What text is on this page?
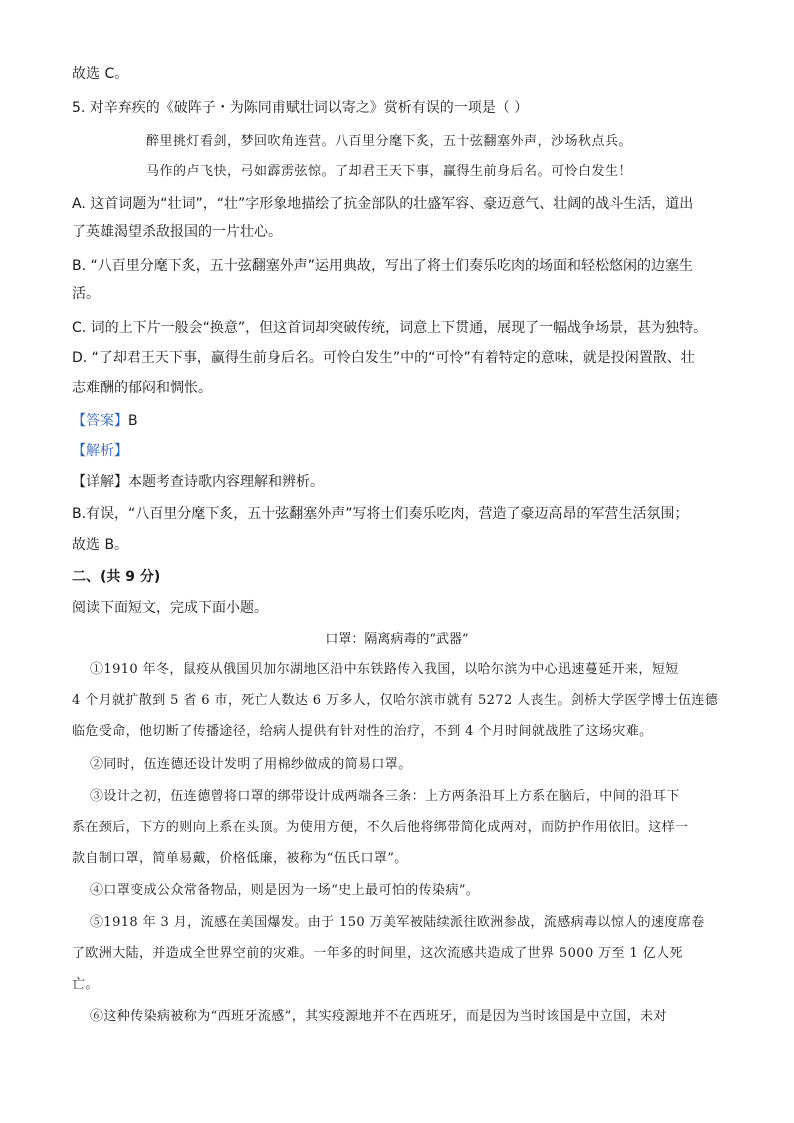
故选 C。
5. 对辛弃疾的《破阵子・为陈同甫赋壮词以寄之》赏析有误的一项是（ ）
醉里挑灯看剑，梦回吹角连营。八百里分麾下炙，五十弦翻塞外声，沙场秋点兵。
马作的卢飞快，弓如霹雳弦惊。了却君王天下事，赢得生前身后名。可怜白发生！
A. 这首词题为“壮词”，“壮”字形象地描绘了抗金部队的壮盛军容、豪迈意气、壮阔的战斗生活，道出
了英雄渴望杀敌报国的一片壮心。
B. “八百里分麾下炙，五十弦翻塞外声”运用典故，写出了将士们奏乐吃肉的场面和轻松悠闲的边塞生
活。
C. 词的上下片一般会“换意”，但这首词却突破传统，词意上下贯通，展现了一幅战争场景，甚为独特。
D. “了却君王天下事，赢得生前身后名。可怜白发生”中的“可怜”有着特定的意味，就是投闲置散、壮
志难酬的郁闷和惆怅。
【答案】B
【解析】
【详解】本题考查诗歌内容理解和辨析。
B.有误，“八百里分麾下炙，五十弦翻塞外声”写将士们奏乐吃肉，营造了豪迈高昂的军营生活氛围；
故选 B。
二、(共 9 分)
阅读下面短文，完成下面小题。
口罩：隔离病毒的“武器”
①1910 年冬，鼠疫从俄国贝加尔湖地区沿中东铁路传入我国，以哈尔滨为中心迅速蔓延开来，短短
4 个月就扩散到 5 省 6 市，死亡人数达 6 万多人，仅哈尔滨市就有 5272 人丧生。剑桥大学医学博士伍连德
临危受命，他切断了传播途径，给病人提供有针对性的治疗，不到 4 个月时间就战胜了这场灾难。
②同时，伍连德还设计发明了用棉纱做成的简易口罩。
③设计之初，伍连德曾将口罩的绑带设计成两端各三条：上方两条沿耳上方系在脑后，中间的沿耳下
系在颈后，下方的则向上系在头顶。为使用方便，不久后他将绑带简化成两对，而防护作用依旧。这样一
款自制口罩，简单易戴，价格低廉，被称为“伍氏口罩”。
④口罩变成公众常备物品，则是因为一场“史上最可怕的传染病”。
⑤1918 年 3 月，流感在美国爆发。由于 150 万美军被陆续派往欧洲参战，流感病毒以惊人的速度席卷
了欧洲大陆，并造成全世界空前的灾难。一年多的时间里，这次流感共造成了世界 5000 万至 1 亿人死
亡。
⑥这种传染病被称为“西班牙流感”，其实疫源地并不在西班牙，而是因为当时该国是中立国，未对
